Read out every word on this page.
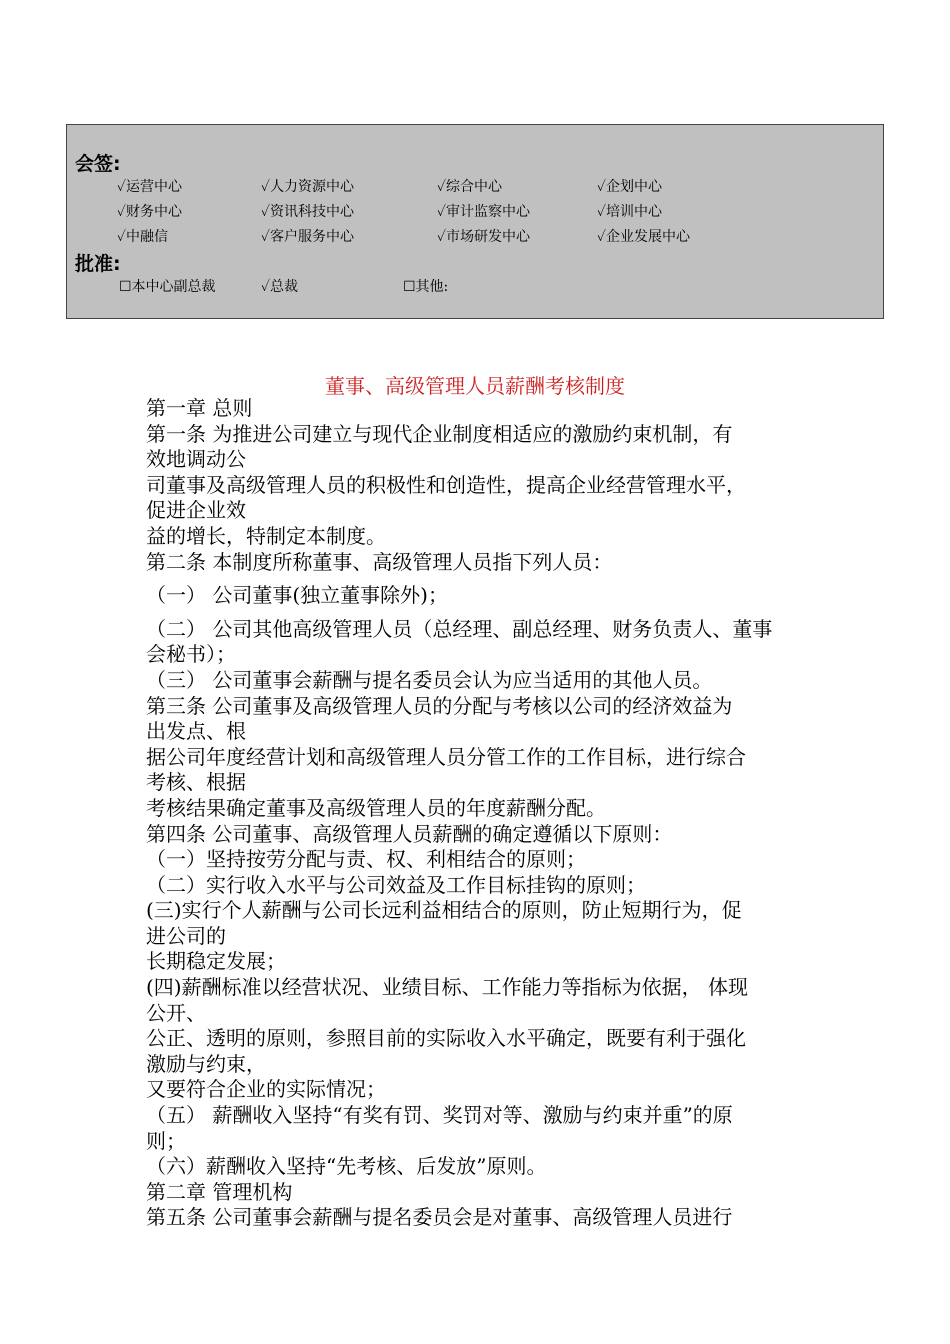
会签:
✓运营中心	✓人力资源中心	✓综合中心	✓企划中心
✓财务中心	✓资讯科技中心	✓审计监察中心	✓培训中心
✓中融信	✓客户服务中心	✓市场研发中心	✓企业发展中心
批准:
☐本中心副总裁	✓总裁	☐其他:
董事、高级管理人员薪酬考核制度

第一章 总则

第一条 为推进公司建立与现代企业制度相适应的激励约束机制，有

效地调动公

司董事及高级管理人员的积极性和创造性，提高企业经营管理水平，

促进企业效

益的增长，特制定本制度。

第二条 本制度所称董事、高级管理人员指下列人员：

（一） 公司董事(独立董事除外)；

（二） 公司其他高级管理人员（总经理、副总经理、财务负责人、董事

会秘书）；

（三） 公司董事会薪酬与提名委员会认为应当适用的其他人员。

第三条 公司董事及高级管理人员的分配与考核以公司的经济效益为

出发点、根

据公司年度经营计划和高级管理人员分管工作的工作目标，进行综合

考核、根据

考核结果确定董事及高级管理人员的年度薪酬分配。

第四条 公司董事、高级管理人员薪酬的确定遵循以下原则：

（一）坚持按劳分配与责、权、利相结合的原则；

（二）实行收入水平与公司效益及工作目标挂钩的原则；

(三)实行个人薪酬与公司长远利益相结合的原则，防止短期行为，促

进公司的

长期稳定发展；

(四)薪酬标准以经营状况、业绩目标、工作能力等指标为依据， 体现

公开、

公正、透明的原则，参照目前的实际收入水平确定，既要有利于强化

激励与约束，

又要符合企业的实际情况；

（五） 薪酬收入坚持“有奖有罚、奖罚对等、激励与约束并重”的原

则；

（六）薪酬收入坚持“先考核、后发放”原则。

第二章 管理机构

第五条 公司董事会薪酬与提名委员会是对董事、高级管理人员进行
